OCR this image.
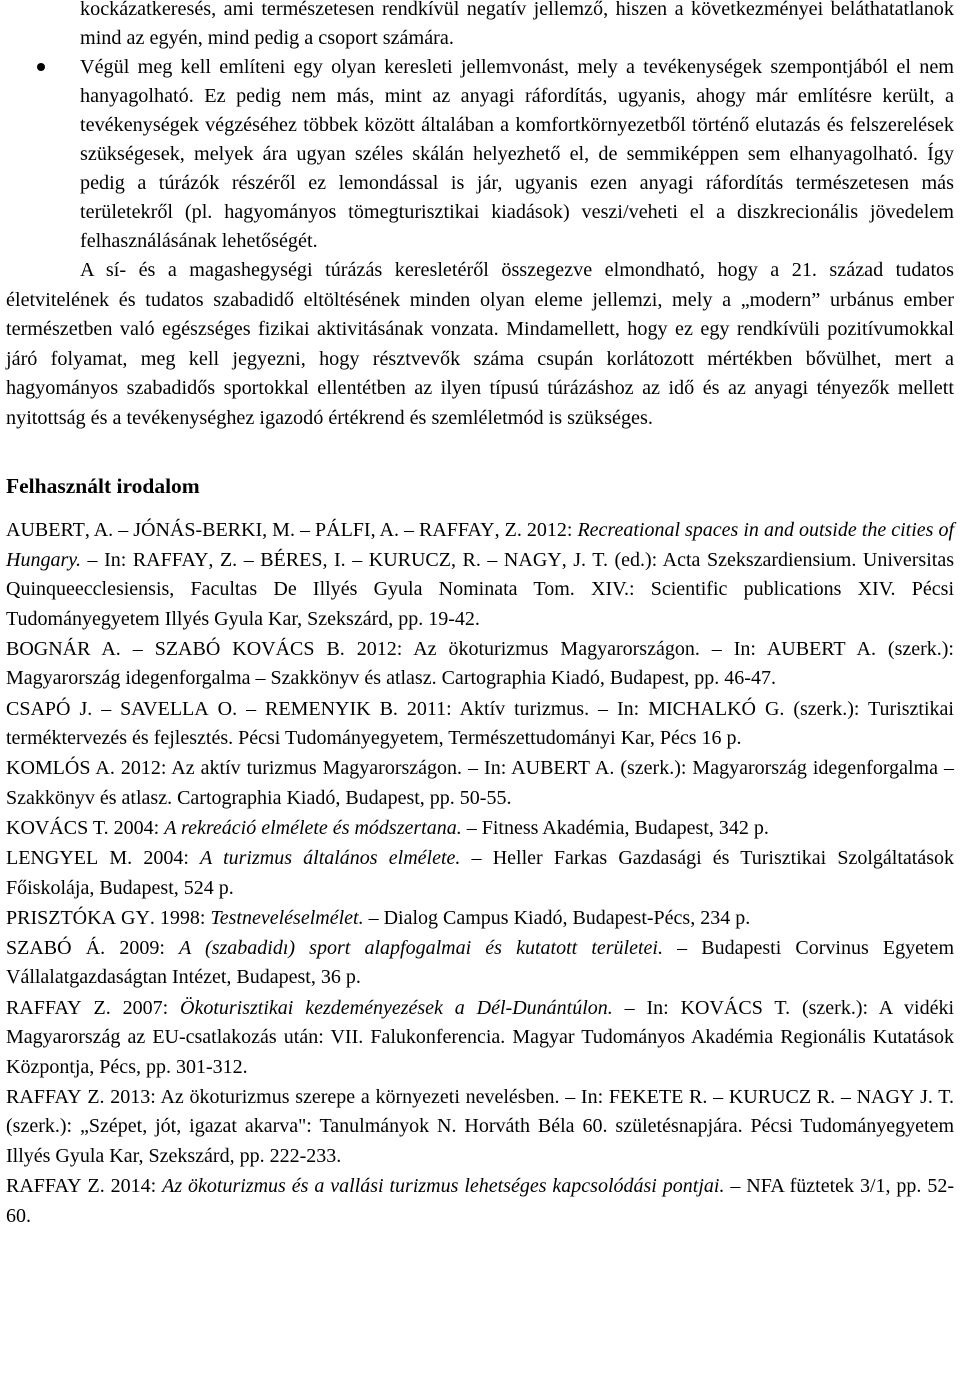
kockázatkeresés, ami természetesen rendkívül negatív jellemző, hiszen a következményei beláthatatlanok mind az egyén, mind pedig a csoport számára.
Végül meg kell említeni egy olyan keresleti jellemvonást, mely a tevékenységek szempontjából el nem hanyagolható. Ez pedig nem más, mint az anyagi ráfordítás, ugyanis, ahogy már említésre került, a tevékenységek végzéséhez többek között általában a komfortkörnyezetből történő elutazás és felszerelések szükségesek, melyek ára ugyan széles skálán helyezhető el, de semmiképpen sem elhanyagolható. Így pedig a túrázók részéről ez lemondással is jár, ugyanis ezen anyagi ráfordítás természetesen más területekről (pl. hagyományos tömegturisztikai kiadások) veszi/veheti el a diszkrecionális jövedelem felhasználásának lehetőségét.

A sí- és a magashegységi túrázás keresletéről összegezve elmondható, hogy a 21. század tudatos életvitelének és tudatos szabadidő eltöltésének minden olyan eleme jellemzi, mely a „modern” urbánus ember természetben való egészséges fizikai aktivitásának vonzata. Mindamellett, hogy ez egy rendkívüli pozitívumokkal járó folyamat, meg kell jegyezni, hogy résztvevők száma csupán korlátozott mértékben bővülhet, mert a hagyományos szabadidős sportokkal ellentétben az ilyen típusú túrázáshoz az idő és az anyagi tényezők mellett nyitottság és a tevékenységhez igazodó értékrend és szemléletmód is szükséges.

Felhasznált irodalom

AUBERT, A. – JÓNÁS-BERKI, M. – PÁLFI, A. – RAFFAY, Z. 2012: Recreational spaces in and outside the cities of Hungary. – In: RAFFAY, Z. – BÉRES, I. – KURUCZ, R. – NAGY, J. T. (ed.): Acta Szekszardiensium. Universitas Quinqueecclesiensis, Facultas De Illyés Gyula Nominata Tom. XIV.: Scientific publications XIV. Pécsi Tudományegyetem Illyés Gyula Kar, Szekszárd, pp. 19-42.

BOGNÁR A. – SZABÓ KOVÁCS B. 2012: Az ökoturizmus Magyarországon. – In: AUBERT A. (szerk.): Magyarország idegenforgalma – Szakkönyv és atlasz. Cartographia Kiadó, Budapest, pp. 46-47.

CSAPÓ J. – SAVELLA O. – REMENYIK B. 2011: Aktív turizmus. – In: MICHALKÓ G. (szerk.): Turisztikai terméktervezés és fejlesztés. Pécsi Tudományegyetem, Természettudományi Kar, Pécs 16 p.

KOMLÓS A. 2012: Az aktív turizmus Magyarországon. – In: AUBERT A. (szerk.): Magyarország idegenforgalma – Szakkönyv és atlasz. Cartographia Kiadó, Budapest, pp. 50-55.

KOVÁCS T. 2004: A rekreáció elmélete és módszertana. – Fitness Akadémia, Budapest, 342 p.

LENGYEL M. 2004: A turizmus általános elmélete. – Heller Farkas Gazdasági és Turisztikai Szolgáltatások Főiskolája, Budapest, 524 p.

PRISZTÓKA GY. 1998: Testneveléselmélet. – Dialog Campus Kiadó, Budapest-Pécs, 234 p.

SZABÓ Á. 2009: A (szabadidı) sport alapfogalmai és kutatott területei. – Budapesti Corvinus Egyetem Vállalatgazdaságtan Intézet, Budapest, 36 p.

RAFFAY Z. 2007: Ökoturisztikai kezdeményezések a Dél-Dunántúlon. – In: KOVÁCS T. (szerk.): A vidéki Magyarország az EU-csatlakozás után: VII. Falukonferencia. Magyar Tudományos Akadémia Regionális Kutatások Központja, Pécs, pp. 301-312.

RAFFAY Z. 2013: Az ökoturizmus szerepe a környezeti nevelésben. – In: FEKETE R. – KURUCZ R. – NAGY J. T. (szerk.): „Szépet, jót, igazat akarva": Tanulmányok N. Horváth Béla 60. születésnapjára. Pécsi Tudományegyetem Illyés Gyula Kar, Szekszárd, pp. 222-233.

RAFFAY Z. 2014: Az ökoturizmus és a vallási turizmus lehetséges kapcsolódási pontjai. – NFA füztetek 3/1, pp. 52-60.
